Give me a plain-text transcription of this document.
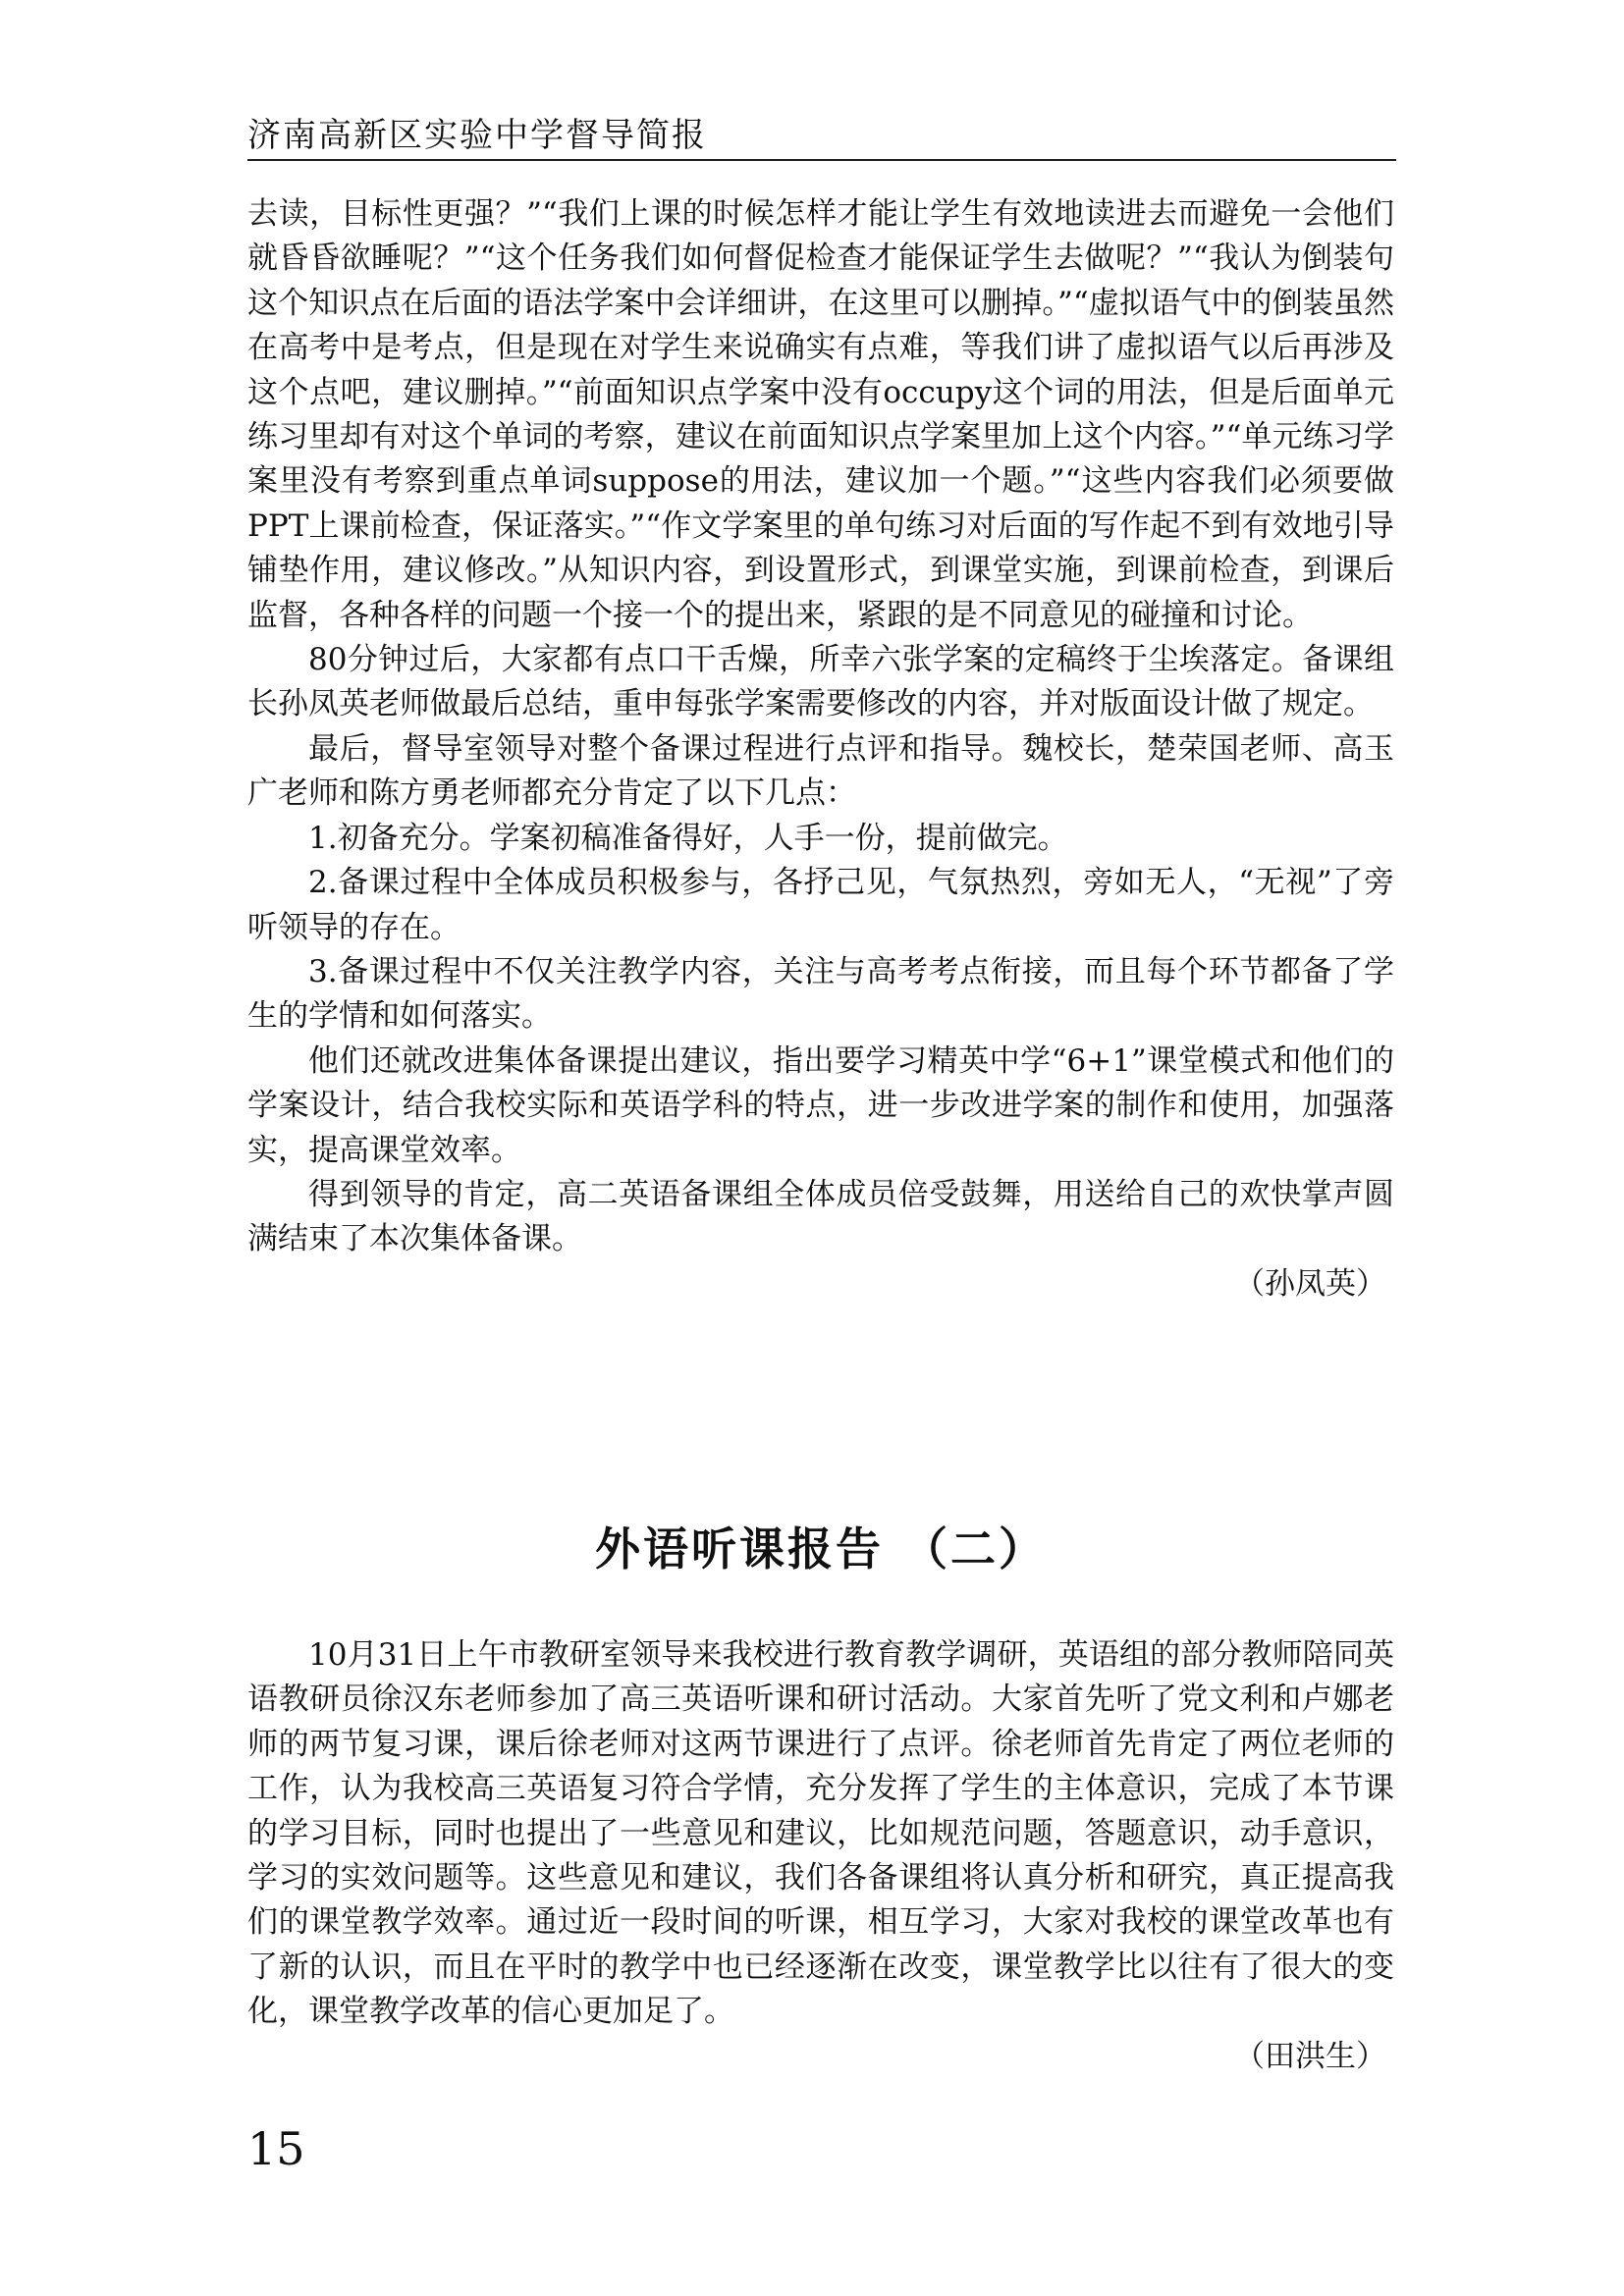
济南高新区实验中学督导简报

去读，目标性更强？”“我们上课的时候怎样才能让学生有效地读进去而避免一会他们就昏昏欲睡呢？”“这个任务我们如何督促检查才能保证学生去做呢？”“我认为倒装句这个知识点在后面的语法学案中会详细讲，在这里可以删掉。”“虚拟语气中的倒装虽然在高考中是考点，但是现在对学生来说确实有点难，等我们讲了虚拟语气以后再涉及这个点吧，建议删掉。”“前面知识点学案中没有occupy这个词的用法，但是后面单元练习里却有对这个单词的考察，建议在前面知识点学案里加上这个内容。”“单元练习学案里没有考察到重点单词suppose的用法，建议加一个题。”“这些内容我们必须要做PPT上课前检查，保证落实。”“作文学案里的单句练习对后面的写作起不到有效地引导铺垫作用，建议修改。”从知识内容，到设置形式，到课堂实施，到课前检查，到课后监督，各种各样的问题一个接一个的提出来，紧跟的是不同意见的碰撞和讨论。

80分钟过后，大家都有点口干舌燥，所幸六张学案的定稿终于尘埃落定。备课组长孙凤英老师做最后总结，重申每张学案需要修改的内容，并对版面设计做了规定。

最后，督导室领导对整个备课过程进行点评和指导。魏校长，楚荣国老师、高玉广老师和陈方勇老师都充分肯定了以下几点：

1.初备充分。学案初稿准备得好，人手一份，提前做完。

2.备课过程中全体成员积极参与，各抒己见，气氛热烈，旁如无人，“无视”了旁听领导的存在。

3.备课过程中不仅关注教学内容，关注与高考考点衔接，而且每个环节都备了学生的学情和如何落实。

他们还就改进集体备课提出建议，指出要学习精英中学“6+1”课堂模式和他们的学案设计，结合我校实际和英语学科的特点，进一步改进学案的制作和使用，加强落实，提高课堂效率。

得到领导的肯定，高二英语备课组全体成员倍受鼓舞，用送给自己的欢快掌声圆满结束了本次集体备课。

（孙凤英）

外语听课报告 （二）

10月31日上午市教研室领导来我校进行教育教学调研，英语组的部分教师陪同英语教研员徐汉东老师参加了高三英语听课和研讨活动。大家首先听了党文利和卢娜老师的两节复习课，课后徐老师对这两节课进行了点评。徐老师首先肯定了两位老师的工作，认为我校高三英语复习符合学情，充分发挥了学生的主体意识，完成了本节课的学习目标，同时也提出了一些意见和建议，比如规范问题，答题意识，动手意识，学习的实效问题等。这些意见和建议，我们各备课组将认真分析和研究，真正提高我们的课堂教学效率。通过近一段时间的听课，相互学习，大家对我校的课堂改革也有了新的认识，而且在平时的教学中也已经逐渐在改变，课堂教学比以往有了很大的变化，课堂教学改革的信心更加足了。

（田洪生）

15
